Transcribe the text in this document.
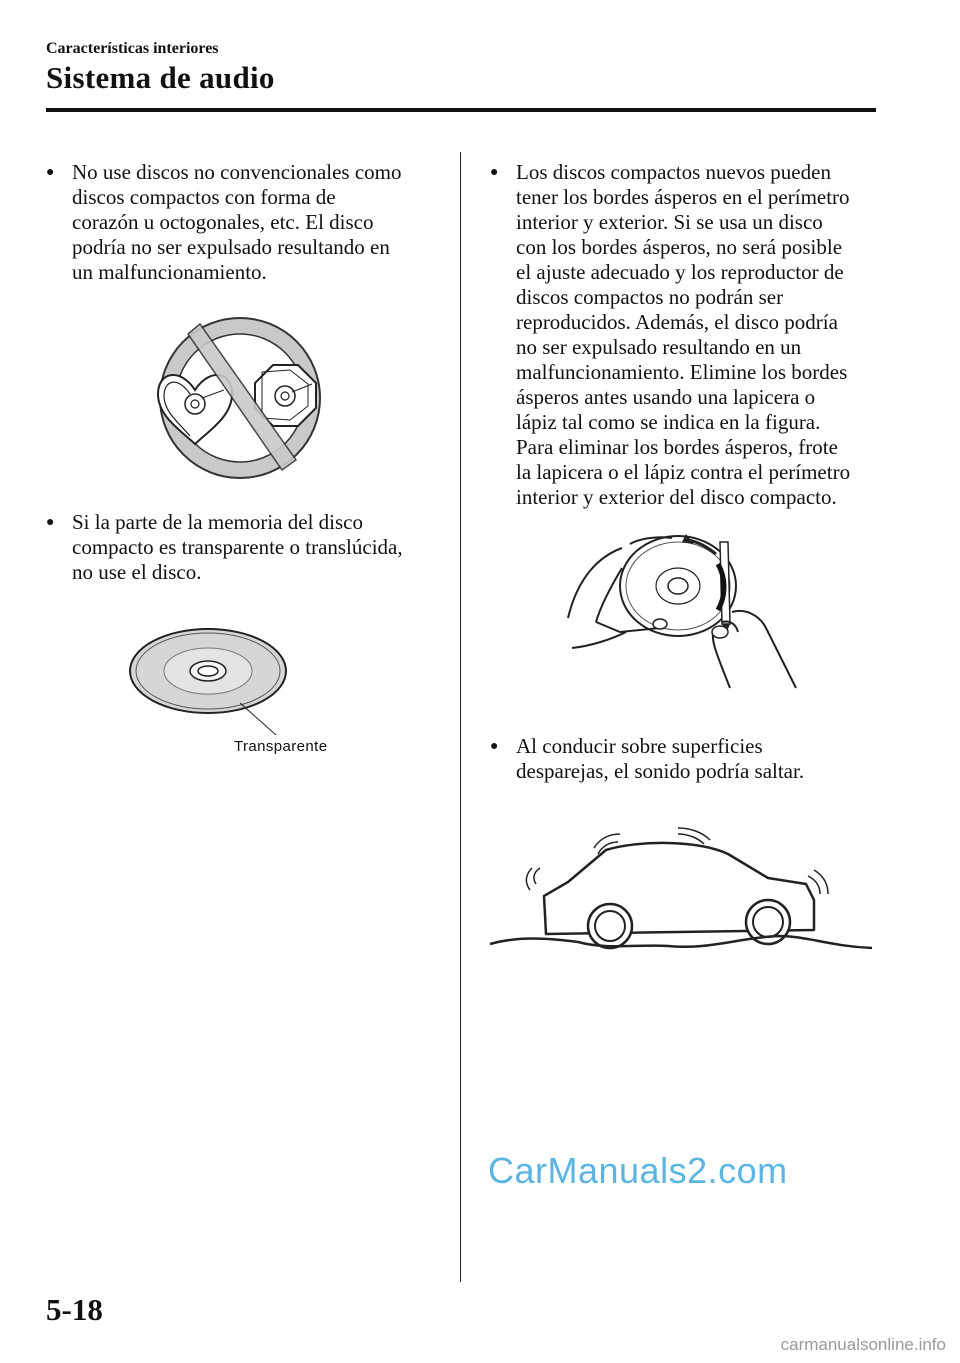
Características interiores
Sistema de audio
● No use discos no convencionales como
discos compactos con forma de
corazón u octogonales, etc. El disco
podría no ser expulsado resultando en
un malfuncionamiento.
● Si la parte de la memoria del disco
compacto es transparente o translúcida,
no use el disco.
Transparente
● Los discos compactos nuevos pueden
tener los bordes ásperos en el perímetro
interior y exterior. Si se usa un disco
con los bordes ásperos, no será posible
el ajuste adecuado y los reproductor de
discos compactos no podrán ser
reproducidos. Además, el disco podría
no ser expulsado resultando en un
malfuncionamiento. Elimine los bordes
ásperos antes usando una lapicera o
lápiz tal como se indica en la figura.
Para eliminar los bordes ásperos, frote
la lapicera o el lápiz contra el perímetro
interior y exterior del disco compacto.
● Al conducir sobre superficies
desparejas, el sonido podría saltar.
CarManuals2.com
5-18
carmanualsonline.info
